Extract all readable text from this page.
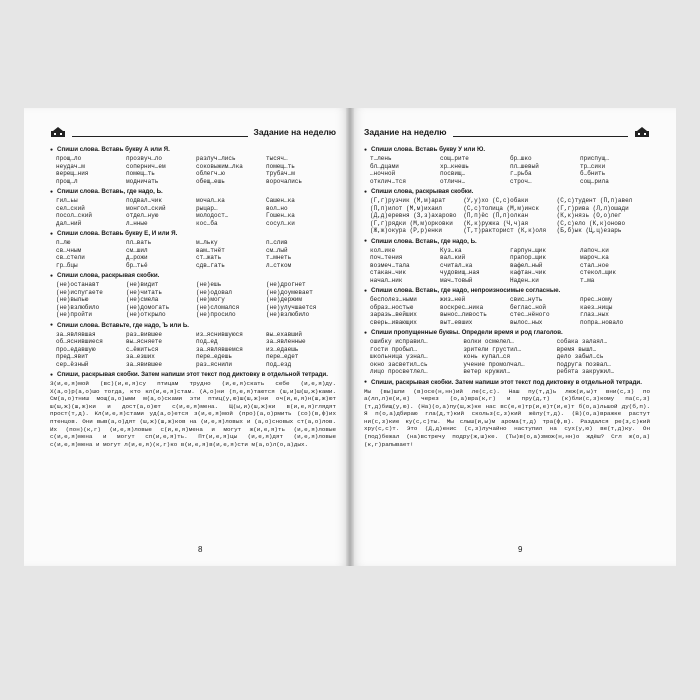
Задание на неделю
● Спиши слова. Вставь букву А или Я.
прощ…ло	прозвуч…ло	разлуч…лись	тысяч…
неудач…м	сопернич…ем	соковыжим…лка	помещ…ть
верещ…ния	помещ…ть	облегч…ю	трубач…м
прощ…л	модничать	обещ…ешь	ворочались
● Спиши слова. Вставь, где надо, Ь.
гил…ьы	подвал…чик	мочал…ка	Сашен…ка
сел…ский	монгол…ский	рыцар…	вол…но
посол…ский	отдел…ную	молодост…	Гошен…ка
дал…ний	л…нные	кос…ба	сосул…ки
● Спиши слова. Вставь букву Е, И или Я.
п…лю	пл…вать	м…льку	п…слив
св…чным	см…шил	вам…тнёт	см…лый
св…стели	д…рожи	ст…жать	т…мнеть
гр…бцы	бр…тьё	сдв…гать	л…стком
● Спиши слова, раскрывая скобки.
(не)останавт	(не)видит	(не)ешь	(не)дрогнет
(не)испугаете	(не)читать	(не)одовал	(не)доумевает
(не)вылью	(не)смела	(не)могу	(не)держим
(не)взлюбило	(не)домогать	(не)сломался	(не)улучшается
(не)пройти	(не)открыло	(не)просило	(не)взлюбило
● Спиши слова. Вставьте, где надо, Ъ или Ь.
за…являвшая	раз…вившее	из…яснившуюся	вы…ехавший
об…яснившиеся	вы…ясняете	под…ед	за…явленные
про…едавшую	с…ёжиться	за…являвшемся	из…едаешь
пред…явит	за…езших	пере…едешь	пере…едет
сер…ёзный	за…явившее	раз…яснили	под…езд
● Спиши, раскрывая скобки. Затем напиши этот текст под диктовку в отдельной тетради.
З(и,е,я)мой (вс)(и,е,я)су птицам трудно (и,е,я)скать себе (и,е,я)ду. Х(а,о)р(а,о)шо тогда, кто кл(и,е,я)стам. (А,о)ни (п,е,я)таются (ш,и)ш(ш,ж)ками. См(а,о)тниш мощ(а,о)ыми м(а,о)сками эти птиц(у,ю)ш(ш,ж)ни оч(и,е,я)н(ш,ж)ют ш(ш,ж)(ш,ж)ки и дост(а,о)ют с(и,е,я)мена. Щ(ы,и)(ш,ж)ки в(и,е,я)глядят прост(т,д). Кл(и,е,я)стами уд(а,о)ется з(и,е,я)мой (про)(а,о)рмить (со)(в,ф)их птенцов. Они выв(а,о)дят (ш,ж)(ш,ж)ков на (и,е,я)ловых и (а,о)сновых ст(а,о)лов. Их (пон)(к,г) (и,е,я)ловые с(и,е,я)мена и могут ж(и,е,я)ть (и,е,я)ловые с(и,е,я)мена и могут сп(и,е,я)ть. Пт(и,е,я)цы (и,е,я)дят (и,е,я)ловые с(и,е,я)мена и могут л(и,е,я)(к,г)ко в(и,е,я)в(и,е,я)сти м(а,о)л(о,а)дых.
8
Задание на неделю
● Спиши слова. Вставь букву У или Ю.
т…лень	сощ…рите	бр…шко	приспущ…
бл…дцами	хр…кнешь	пл…шевый	тр…сики
…ночной	посвищ…	г…рьба	б…бнить
отклич…тся	отличн…	строч…	сощ…рила
● Спиши слова, раскрывая скобки.
(Г,г)рузчик (М,м)арат	(У,у)хо (С,с)обаки	(С,с)тудент (П,п)авел
(П,п)илот (М,м)ихаил	(С,с)толица (М,м)инск	(Г,г)рива (Л,л)ошади
(Д,д)еревня (З,з)ахарово	(П,п)ёс (П,п)олкан	(К,к)нязь (О,о)лег
(Г,г)рядки (М,м)орковки	(К,к)ружка (Ч,ч)ая	(С,с)ело (К,к)оново
(Ж,ж)окура (Р,р)енки	(Т,т)ракторист (К,к)оля	(Б,б)ык (Ц,ц)езарь
● Спиши слова. Вставь, где надо, Ь.
кол…ике	Куз…ка	гарпун…щик	лапоч…ки
поч…тения	вал…кий	прапор…щик	мароч…ка
возмеч…тала	считал…ка	вафел…ный	стал…ное
стакан…чик	чудовищ…ная	кафтан…чик	стекол…щик
начал…ник	мач…товый	Наден…ки	т…ма
● Спиши слова. Вставь, где надо, непроизносимые согласные.
бесполез…ными	жиз…ней	свис…нуть	прес…ному
образ…ностью	воскрес…ника	беглас…ной	каез…ницы
заразь…вейших	вынос…ливость	стес…нёного	глаз…ных
сверь…ивающих	выт…евших	вылос…ных	попра…новало
● Спиши пропущенные буквы. Определи время и род глаголов.
ошибку исправил…	волки осмелел…	собака залаял…
гости пробыл…	зрители грустил…	время вышл…
школьница узнал…	конь купал…ся	дело забыл…сь
окно засветил…сь	учение промолчал…	подруга позвал…
лицо просветлел…	ветер кружил…	ребята закружил…
● Спиши, раскрывая скобки. Затем напиши этот текст под диктовку в отдельной тетради.
Мы (вы)шли (в)осе(н,нн)ий ле(с,с). Наш пу(т,д)ь леж(и,ы)т вни(с,з) по а(лл,л)е(и,е) через (о,а)вра(к,г) и пру(д,т) (к)бли(с,з)кому па(с,з)(т,д)бищ(у,ю). (На)(о,а)пу(ш,ж)ке нас вс(е,е)тр(и,е)т(и,е)т б(о,а)льшой ду(б,п). Я п(о,а)дбираю гла(д,т)кий скольз(с,з)кий жёлу(т,д). (В)(о,а)вражке растут ни(с,з)кие ку(с,с)ты. Мы слыш(и,ы)м арома(т,д) тра(ф,в). Раздался ре(з,с)кий хру(с,с)т. Это (Д,д)енис (с,з)лучайно наступил на сух(у,ю) ве(т,д)ку. Он (под)бежал (на)встречу подру(ж,ш)ке. (Ты)в(о,а)змож(н,нн)о ждёш? Сгл ж(о,а)(к,г)рапывает!
9
